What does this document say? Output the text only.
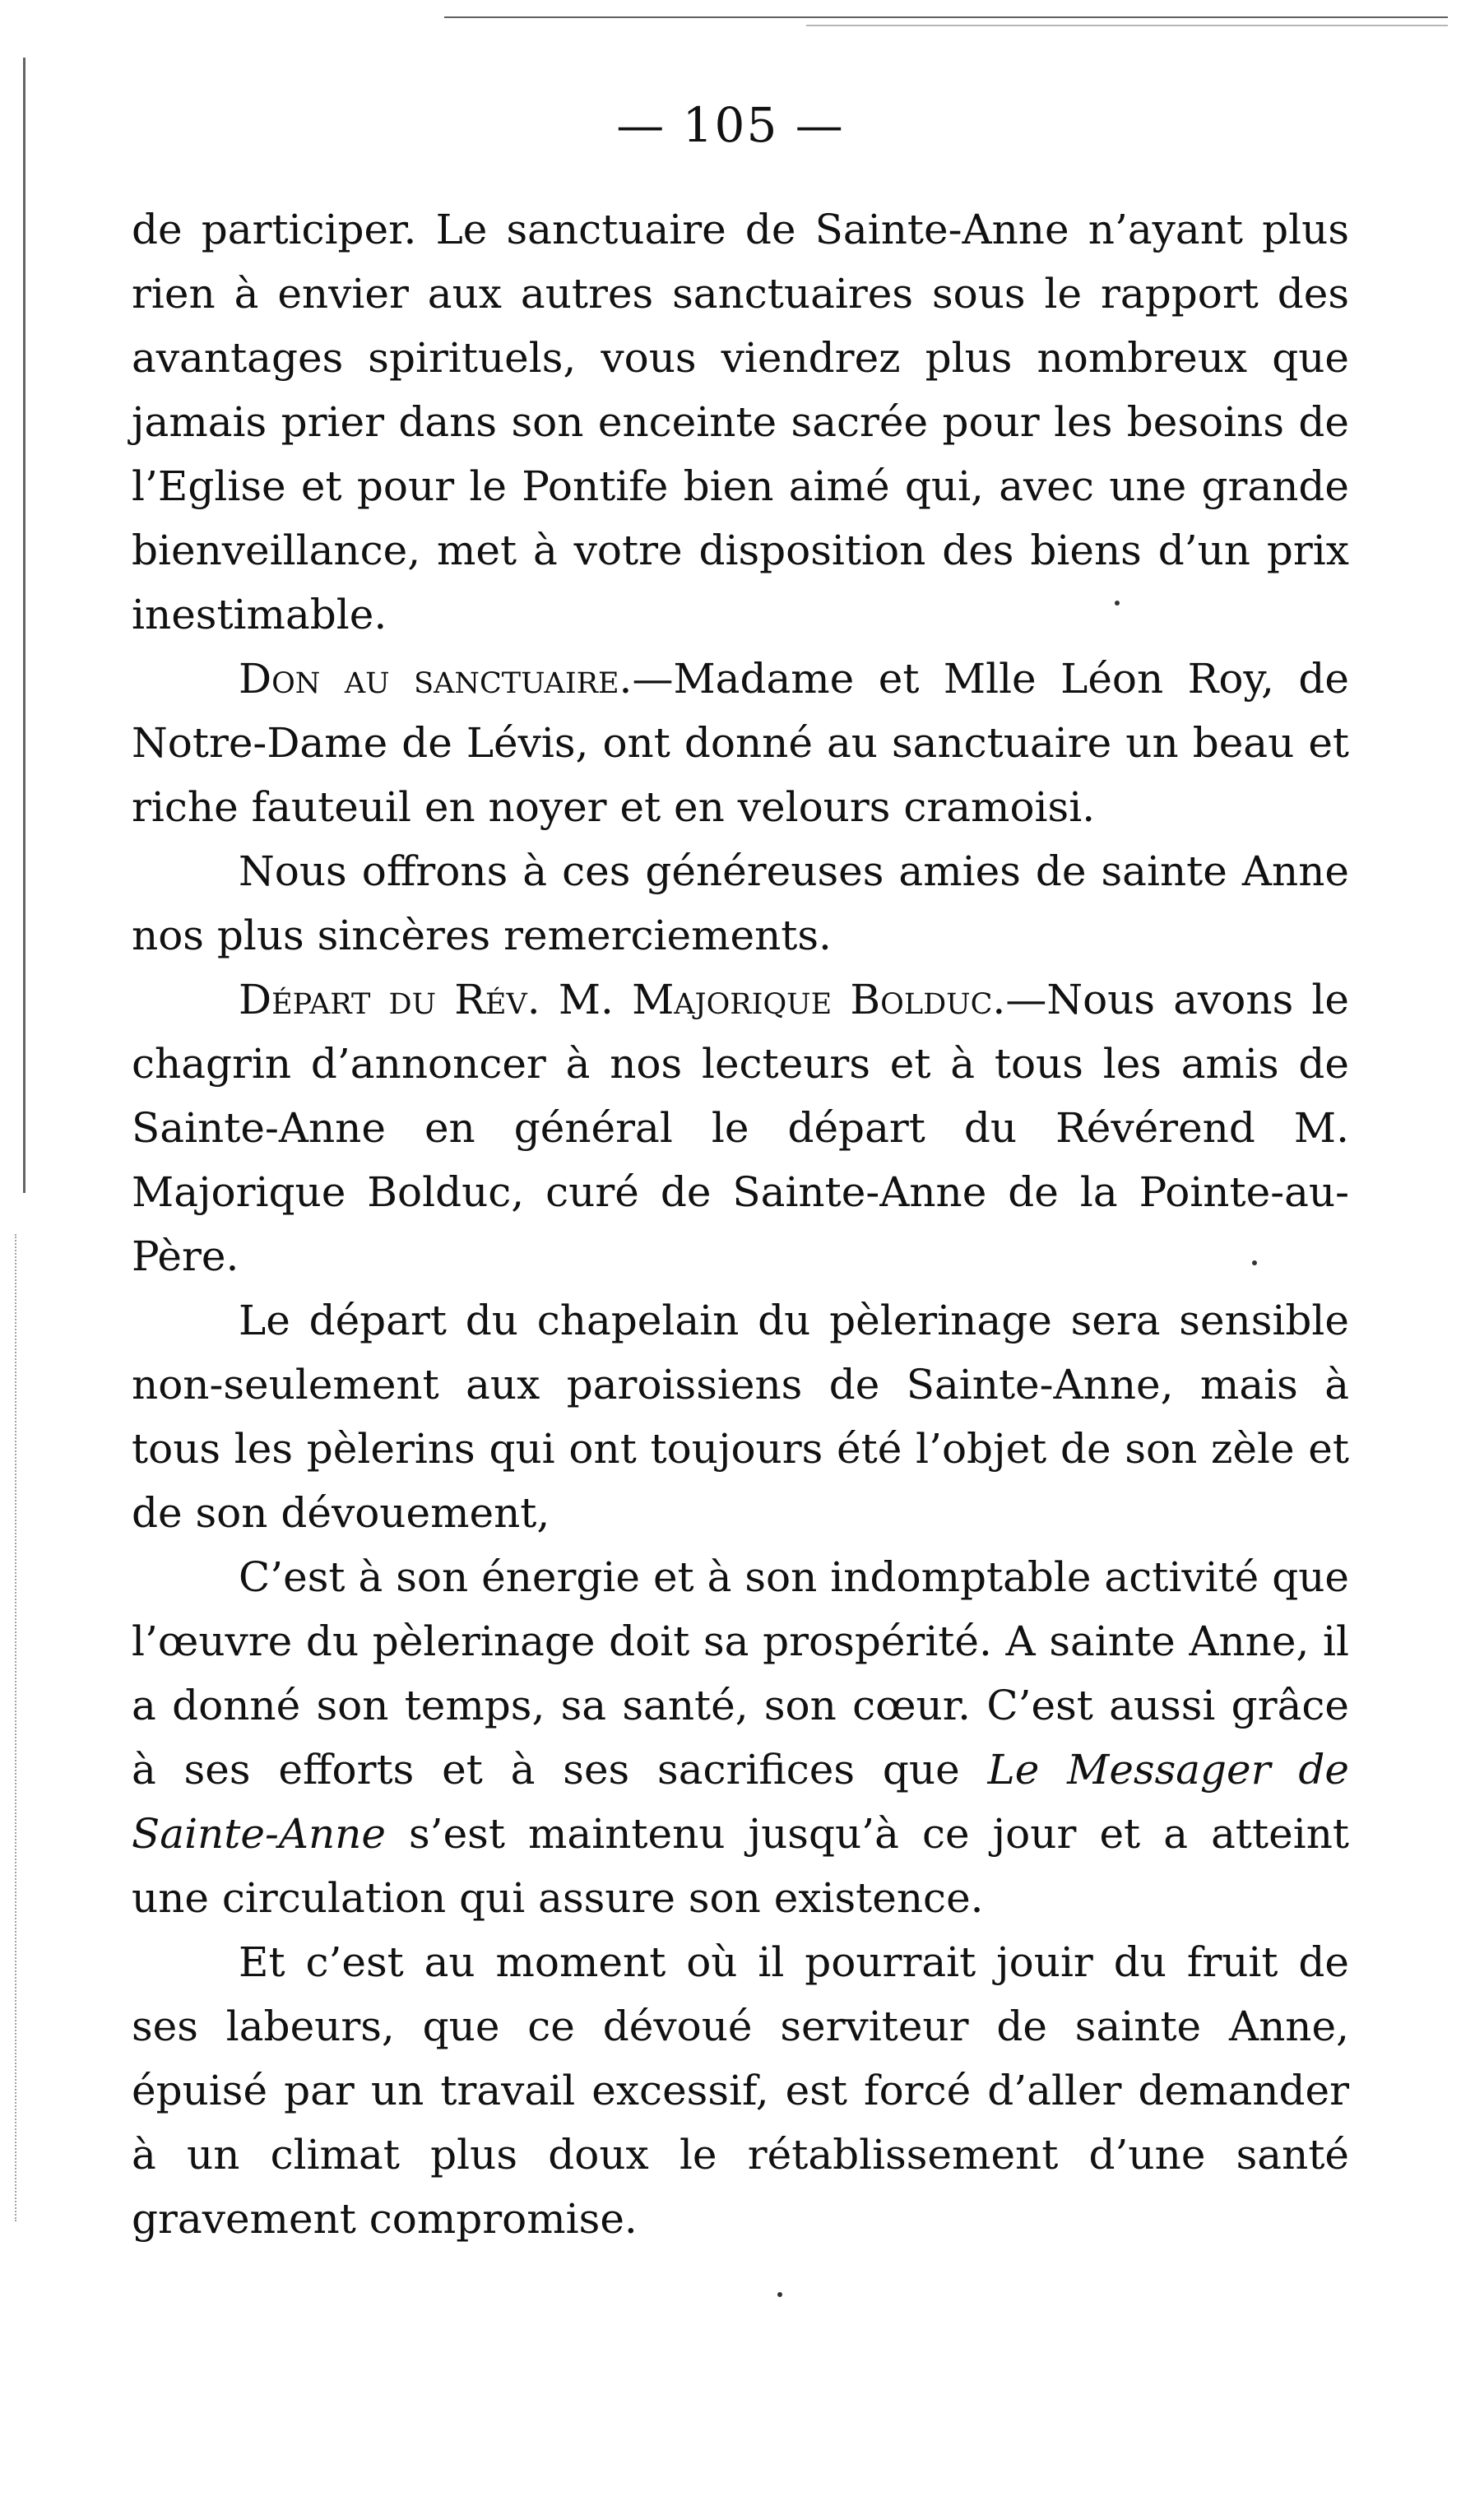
— 105 —

de participer. Le sanctuaire de Sainte-Anne n’ayant plus rien à envier aux autres sanctuaires sous le rapport des avantages spirituels, vous viendrez plus nombreux que jamais prier dans son enceinte sacrée pour les besoins de l’Eglise et pour le Pontife bien aimé qui, avec une grande bienveillance, met à votre disposition des biens d’un prix inestimable.

Don au sanctuaire.—Madame et Mlle Léon Roy, de Notre-Dame de Lévis, ont donné au sanctuaire un beau et riche fauteuil en noyer et en velours cramoisi.

Nous offrons à ces généreuses amies de sainte Anne nos plus sincères remerciements.

Départ du Rév. M. Majorique Bolduc.—Nous avons le chagrin d’annoncer à nos lecteurs et à tous les amis de Sainte-Anne en général le départ du Révérend M. Majorique Bolduc, curé de Sainte-Anne de la Pointe-au-Père.

Le départ du chapelain du pèlerinage sera sensible non-seulement aux paroissiens de Sainte-Anne, mais à tous les pèlerins qui ont toujours été l’objet de son zèle et de son dévouement,

C’est à son énergie et à son indomptable activité que l’œuvre du pèlerinage doit sa prospérité. A sainte Anne, il a donné son temps, sa santé, son cœur. C’est aussi grâce à ses efforts et à ses sacrifices que Le Messager de Sainte-Anne s’est maintenu jusqu’à ce jour et a atteint une circulation qui assure son existence.

Et c’est au moment où il pourrait jouir du fruit de ses labeurs, que ce dévoué serviteur de sainte Anne, épuisé par un travail excessif, est forcé d’aller demander à un climat plus doux le rétablissement d’une santé gravement compromise.
